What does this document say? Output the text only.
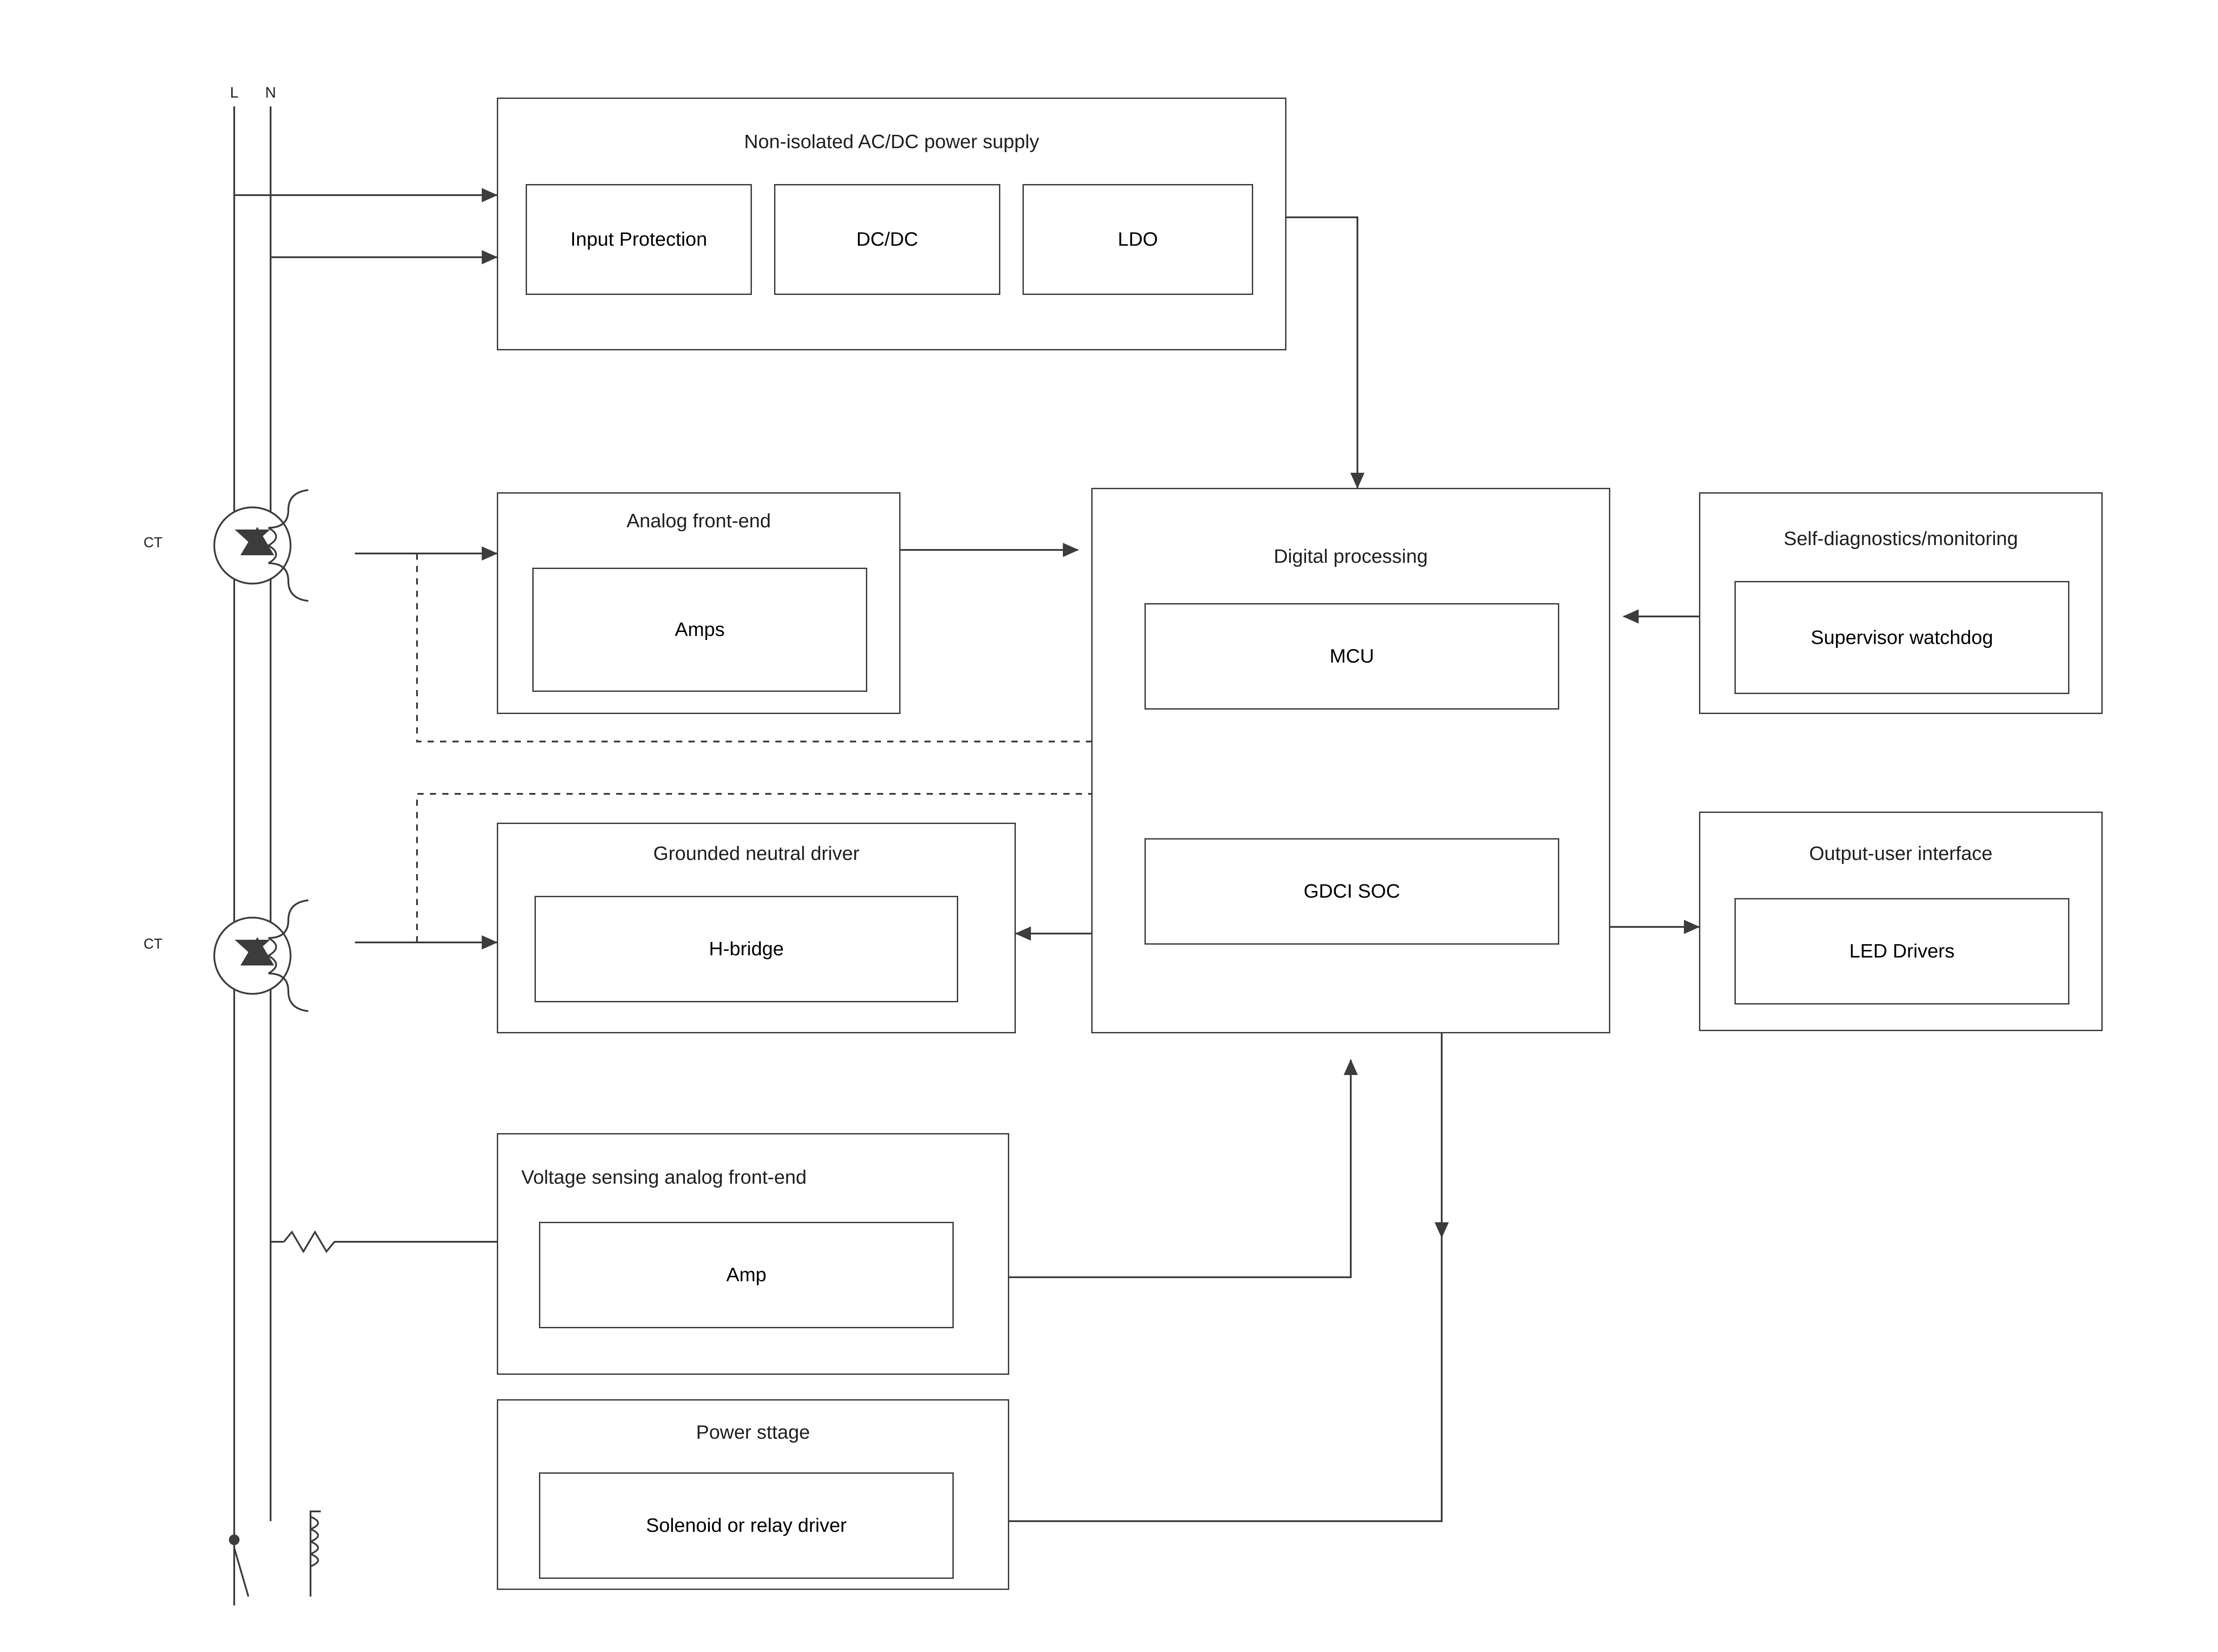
L	N
CT
CT
Non-isolated AC/DC power supply
Input Protection	DC/DC	LDO
Analog front-end
Amps
Digital processing
MCU
GDCI SOC
Self-diagnostics/monitoring
Supervisor watchdog
Grounded neutral driver
H-bridge
Output-user interface
LED Drivers
Voltage sensing analog front-end
Amp
Power sttage
Solenoid or relay driver
